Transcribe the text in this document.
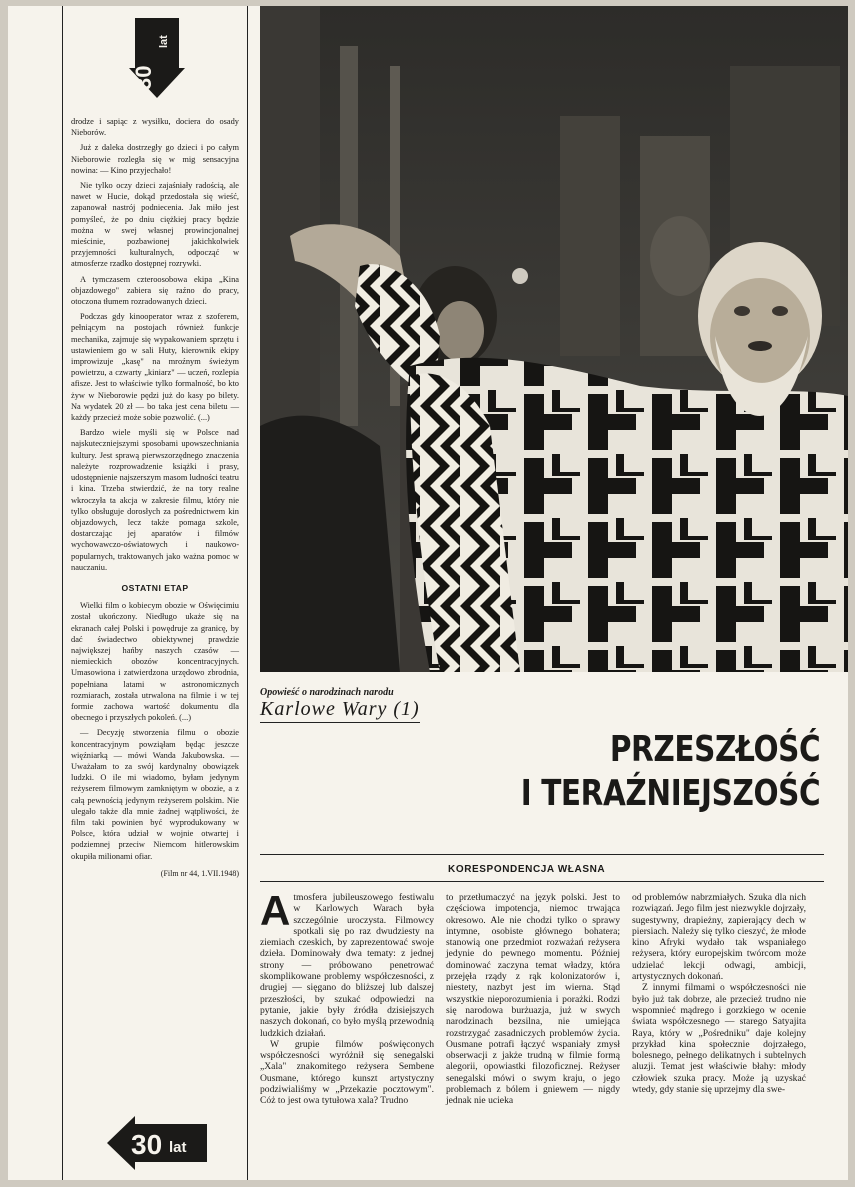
30
lat

drodze i sapiąc z wysiłku, dociera do osady Nieborów.

Już z daleka dostrzegły go dzieci i po całym Nieborowie rozległa się w mig sensacyjna nowina: — Kino przyjechało!

Nie tylko oczy dzieci zajaśniały radością, ale nawet w Hucie, dokąd przedostała się wieść, zapanował nastrój podniecenia. Jak miło jest pomyśleć, że po dniu ciężkiej pracy będzie można w swej własnej prowincjonalnej mieścinie, pozbawionej jakichkolwiek przyjemności kulturalnych, odpocząć w atmosferze rzadko dostępnej rozrywki.

A tymczasem czteroosobowa ekipa „Kina objazdowego" zabiera się raźno do pracy, otoczona tłumem rozradowanych dzieci.

Podczas gdy kinooperator wraz z szoferem, pełniącym na postojach również funkcje mechanika, zajmuje się wypakowaniem sprzętu i ustawieniem go w sali Huty, kierownik ekipy improwizuje „kasę" na mroźnym świeżym powietrzu, a czwarty „kiniarz" — uczeń, rozlepia afisze. Jest to właściwie tylko formalność, bo kto żyw w Nieborowie pędzi już do kasy po bilety. Na wydatek 20 zł — bo taka jest cena biletu — każdy przecież może sobie pozwolić. (...)

Bardzo wiele myśli się w Polsce nad najskuteczniejszymi sposobami upowszechniania kultury. Jest sprawą pierwszorzędnego znaczenia należyte rozprowadzenie książki i prasy, udostępnienie najszerszym masom ludności teatru i kina. Trzeba stwierdzić, że na tory realne wkroczyła ta akcja w zakresie filmu, który nie tylko obsługuje dorosłych za pośrednictwem kin objazdowych, lecz także pomaga szkole, dostarczając jej aparatów i filmów wychowawczo-oświatowych i naukowo-popularnych, traktowanych jako ważna pomoc w nauczaniu.

OSTATNI ETAP

Wielki film o kobiecym obozie w Oświęcimiu został ukończony. Niedługo ukaże się na ekranach całej Polski i powędruje za granicę, by dać świadectwo obiektywnej prawdzie największej hańby naszych czasów — niemieckich obozów koncentracyjnych. Umasowiona i zatwierdzona urzędowo zbrodnia, popełniana latami w astronomicznych rozmiarach, została utrwalona na filmie i w tej formie zachowa wartość dokumentu dla obecnego i przyszłych pokoleń. (...)

— Decyzję stworzenia filmu o obozie koncentracyjnym powziąłam będąc jeszcze więźniarką — mówi Wanda Jakubowska. — Uważałam to za swój kardynalny obowiązek ludzki. O ile mi wiadomo, byłam jedynym reżyserem filmowym zamkniętym w obozie, a z całą pewnością jedynym reżyserem polskim. Nie ulegało także dla mnie żadnej wątpliwości, że film taki powinien być wyprodukowany w Polsce, która udział w wojnie otwartej i podziemnej przeciw Niemcom hitlerowskim okupiła milionami ofiar.

(Film nr 44, 1.VII.1948)
30 lat
Opowieść o narodzinach narodu
Karlowe Wary (1)
PRZESZŁOŚĆ
I TERAŹNIEJSZOŚĆ
KORESPONDENCJA WŁASNA

Atmosfera jubileuszowego festiwalu w Karlowych Warach była szczególnie uroczysta. Filmowcy spotkali się po raz dwudziesty na ziemiach czeskich, by zaprezentować swoje dzieła. Dominowały dwa tematy: z jednej strony — próbowano penetrować skomplikowane problemy współczesności, z drugiej — sięgano do bliższej lub dalszej przeszłości, by szukać odpowiedzi na pytanie, jakie były źródła dzisiejszych naszych dokonań, co było myślą przewodnią ludzkich działań.

W grupie filmów poświęconych współczesności wyróżnił się senegalski „Xala" znakomitego reżysera Sembene Ousmane, którego kunszt artystyczny podziwialiśmy w „Przekazie pocztowym". Cóż to jest owa tytułowa xala? Trudno

to przetłumaczyć na język polski. Jest to częściowa impotencja, niemoc trwająca okresowo. Ale nie chodzi tylko o sprawy intymne, osobiste głównego bohatera; stanowią one przedmiot rozważań reżysera jedynie do pewnego momentu. Później dominować zaczyna temat władzy, która przejęła rządy z rąk kolonizatorów i, niestety, nazbyt jest im wierna. Stąd wszystkie nieporozumienia i porażki. Rodzi się narodowa burżuazja, już w swych narodzinach bezsilna, nie umiejąca rozstrzygać zasadniczych problemów życia. Ousmane potrafi łączyć wspaniały zmysł obserwacji z jakże trudną w filmie formą alegorii, opowiastki filozoficznej. Reżyser senegalski mówi o swym kraju, o jego problemach z bólem i gniewem — nigdy jednak nie ucieka

od problemów nabrzmiałych. Szuka dla nich rozwiązań. Jego film jest niezwykle dojrzały, sugestywny, drapieżny, zapierający dech w piersiach. Należy się tylko cieszyć, że młode kino Afryki wydało tak wspaniałego reżysera, który europejskim twórcom może udzielać lekcji odwagi, ambicji, artystycznych dokonań.

Z innymi filmami o współczesności nie było już tak dobrze, ale przecież trudno nie wspomnieć mądrego i gorzkiego w ocenie świata współczesnego — starego Satyajita Raya, który w „Pośredniku" daje kolejny przykład kina społecznie dojrzałego, bolesnego, pełnego delikatnych i subtelnych aluzji. Temat jest właściwie błahy: młody człowiek szuka pracy. Może ją uzyskać wtedy, gdy stanie się uprzejmy dla swe-
